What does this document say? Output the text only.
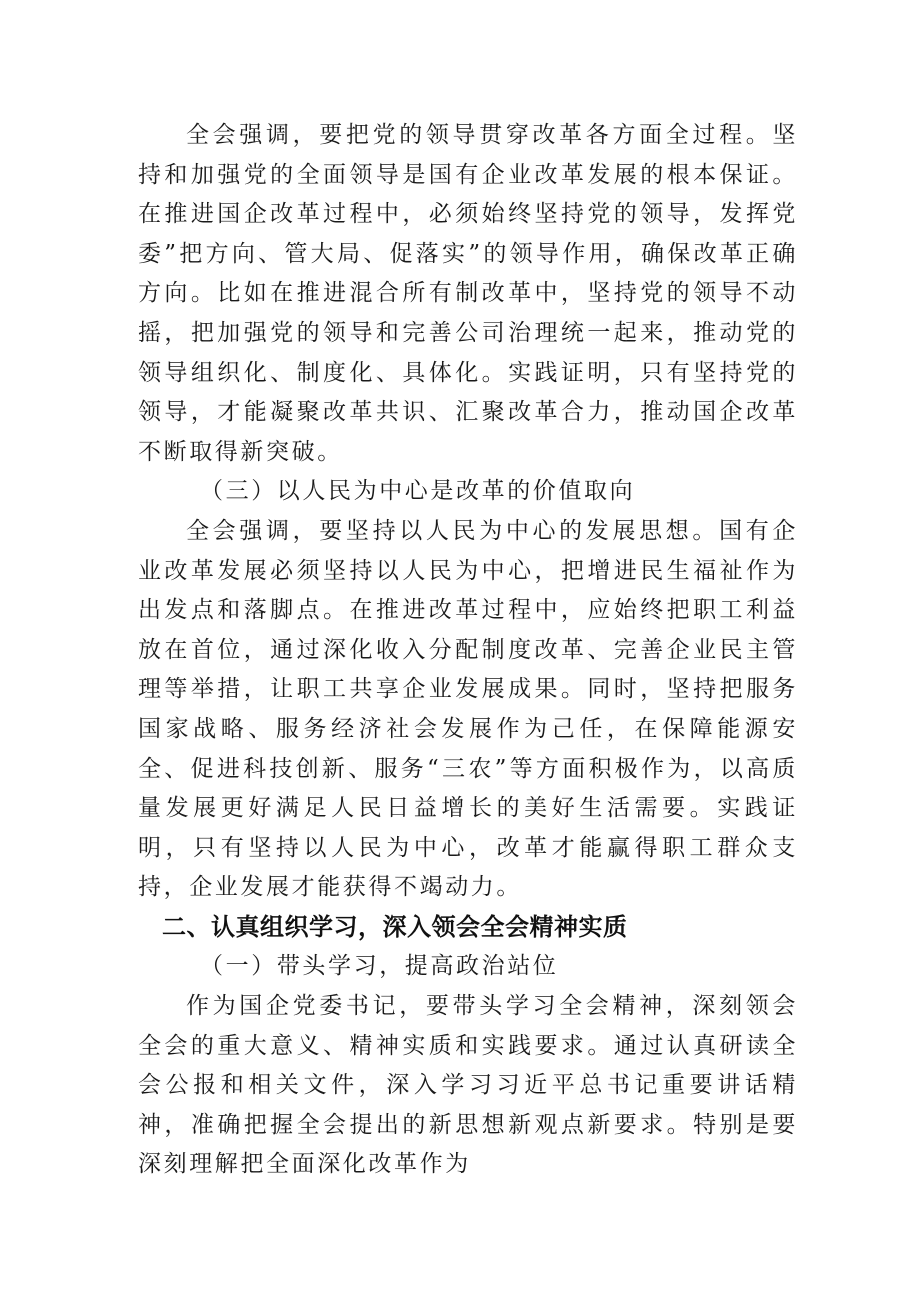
全会强调，要把党的领导贯穿改革各方面全过程。坚持和加强党的全面领导是国有企业改革发展的根本保证。在推进国企改革过程中，必须始终坚持党的领导，发挥党委”把方向、管大局、促落实”的领导作用，确保改革正确方向。比如在推进混合所有制改革中，坚持党的领导不动摇，把加强党的领导和完善公司治理统一起来，推动党的领导组织化、制度化、具体化。实践证明，只有坚持党的领导，才能凝聚改革共识、汇聚改革合力，推动国企改革不断取得新突破。

（三）以人民为中心是改革的价值取向

全会强调，要坚持以人民为中心的发展思想。国有企业改革发展必须坚持以人民为中心，把增进民生福祉作为出发点和落脚点。在推进改革过程中，应始终把职工利益放在首位，通过深化收入分配制度改革、完善企业民主管理等举措，让职工共享企业发展成果。同时，坚持把服务国家战略、服务经济社会发展作为己任，在保障能源安全、促进科技创新、服务“三农”等方面积极作为，以高质量发展更好满足人民日益增长的美好生活需要。实践证明，只有坚持以人民为中心，改革才能赢得职工群众支持，企业发展才能获得不竭动力。

二、认真组织学习，深入领会全会精神实质

（一）带头学习，提高政治站位

作为国企党委书记，要带头学习全会精神，深刻领会全会的重大意义、精神实质和实践要求。通过认真研读全会公报和相关文件，深入学习习近平总书记重要讲话精神，准确把握全会提出的新思想新观点新要求。特别是要深刻理解把全面深化改革作为
